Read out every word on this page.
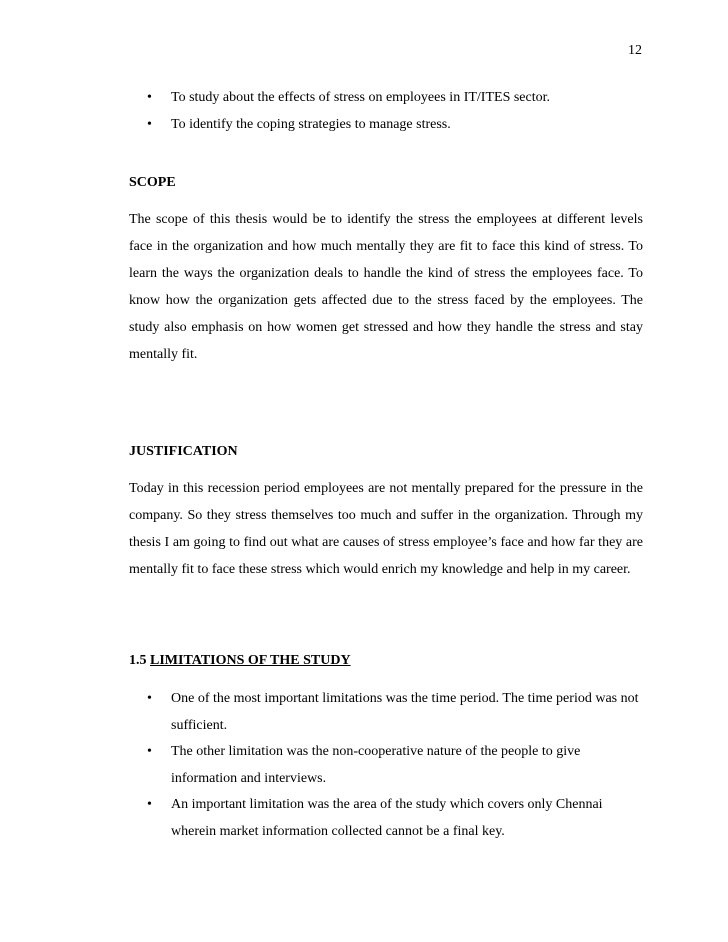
12
• To study about the effects of stress on employees in IT/ITES sector.
• To identify the coping strategies to manage stress.
SCOPE

The scope of this thesis would be to identify the stress the employees at different levels face in the organization and how much mentally they are fit to face this kind of stress. To learn the ways the organization deals to handle the kind of stress the employees face. To know how the organization gets affected due to the stress faced by the employees. The study also emphasis on how women get stressed and how they handle the stress and stay mentally fit.

JUSTIFICATION

Today in this recession period employees are not mentally prepared for the pressure in the company. So they stress themselves too much and suffer in the organization. Through my thesis I am going to find out what are causes of stress employee’s face and how far they are mentally fit to face these stress which would enrich my knowledge and help in my career.

1.5 LIMITATIONS OF THE STUDY
• One of the most important limitations was the time period. The time period was not sufficient.
• The other limitation was the non-cooperative nature of the people to give information and interviews.
• An important limitation was the area of the study which covers only Chennai wherein market information collected cannot be a final key.
